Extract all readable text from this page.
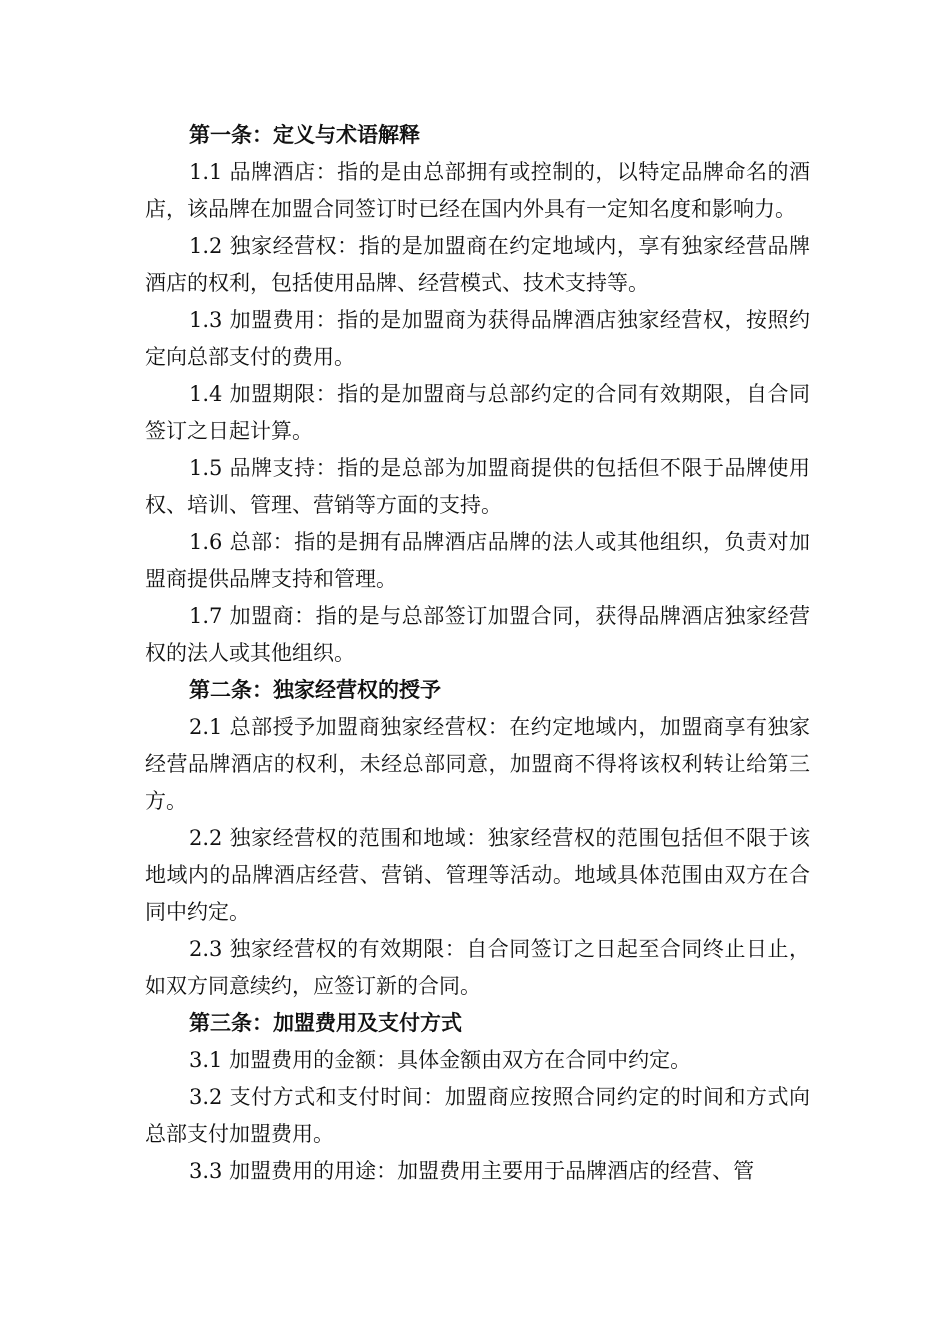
第一条：定义与术语解释

1.1 品牌酒店：指的是由总部拥有或控制的，以特定品牌命名的酒店，该品牌在加盟合同签订时已经在国内外具有一定知名度和影响力。

1.2 独家经营权：指的是加盟商在约定地域内，享有独家经营品牌酒店的权利，包括使用品牌、经营模式、技术支持等。

1.3 加盟费用：指的是加盟商为获得品牌酒店独家经营权，按照约定向总部支付的费用。

1.4 加盟期限：指的是加盟商与总部约定的合同有效期限，自合同签订之日起计算。

1.5 品牌支持：指的是总部为加盟商提供的包括但不限于品牌使用权、培训、管理、营销等方面的支持。

1.6 总部：指的是拥有品牌酒店品牌的法人或其他组织，负责对加盟商提供品牌支持和管理。

1.7 加盟商：指的是与总部签订加盟合同，获得品牌酒店独家经营权的法人或其他组织。

第二条：独家经营权的授予

2.1 总部授予加盟商独家经营权：在约定地域内，加盟商享有独家经营品牌酒店的权利，未经总部同意，加盟商不得将该权利转让给第三方。

2.2 独家经营权的范围和地域：独家经营权的范围包括但不限于该地域内的品牌酒店经营、营销、管理等活动。地域具体范围由双方在合同中约定。

2.3 独家经营权的有效期限：自合同签订之日起至合同终止日止，如双方同意续约，应签订新的合同。

第三条：加盟费用及支付方式

3.1 加盟费用的金额：具体金额由双方在合同中约定。

3.2 支付方式和支付时间：加盟商应按照合同约定的时间和方式向总部支付加盟费用。

3.3 加盟费用的用途：加盟费用主要用于品牌酒店的经营、管
